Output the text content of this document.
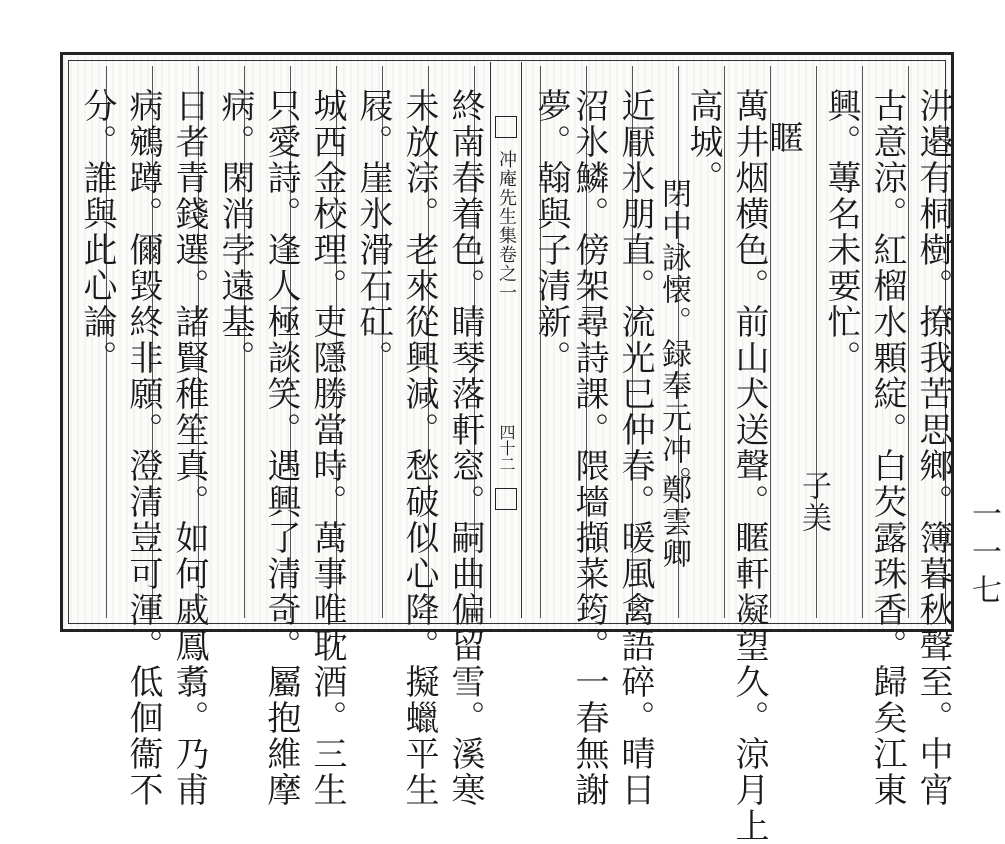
冲庵先生集卷之一
四十二	汫邉有桐樹。撩我苦思鄉。簿暮秋聲至。中宵
古意涼。紅榴水顆綻。白芡露珠香。歸矣江東
興。蓴名未要忙。
子美
䁥
萬井烟横色。前山犬送聲。䁥軒凝望久。涼月上
高城。
閉中詠懐。録奉元冲。
鄭雲卿
近厭氷朋直。流光巳仲春。暖風禽語碎。晴日
沼氷鱗。傍架尋詩課。隈墻擷菜筠。一春無謝
夢。翰與子清新。
終南春着色。睛琴落軒窓。嗣曲偏留雪。溪寒
未放淙。老來從興減。愁破似心降。擬蠟平生
屐。崖氷滑石矼。
城西金校理。吏隱勝當時。萬事唯耽酒。三生
只愛詩。逢人極談笑。遇興了清奇。屬抱維摩
病。閑消孛遠基。
日者青錢選。諸賢稚笙真。如何戚鳳翥。乃甫
病鵷蹲。儞毀終非願。澄清豈可渾。低佪衞不
分。誰與此心論。
一一七
